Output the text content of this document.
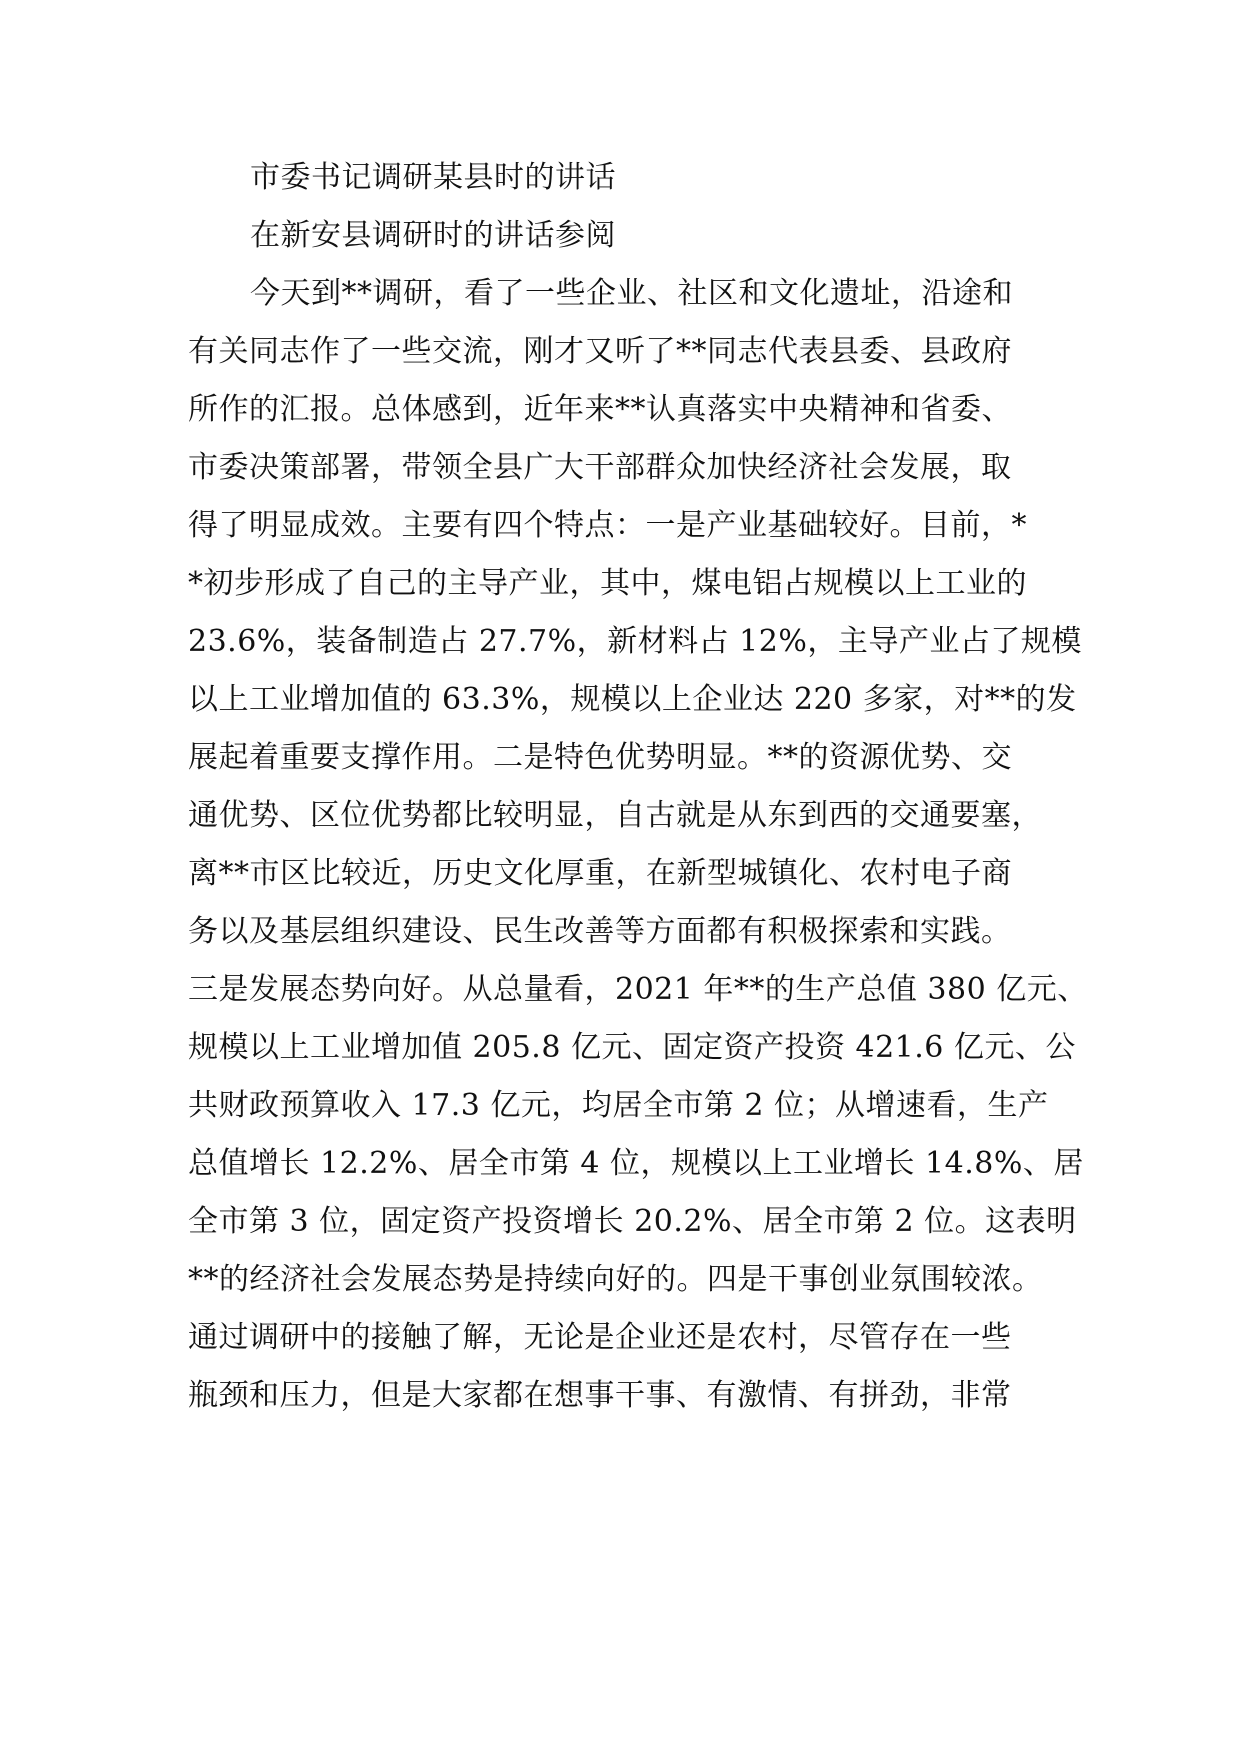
市委书记调研某县时的讲话
在新安县调研时的讲话参阅
今天到**调研，看了一些企业、社区和文化遗址，沿途和
有关同志作了一些交流，刚才又听了**同志代表县委、县政府
所作的汇报。总体感到，近年来**认真落实中央精神和省委、
市委决策部署，带领全县广大干部群众加快经济社会发展，取
得了明显成效。主要有四个特点：一是产业基础较好。目前，*
*初步形成了自己的主导产业，其中，煤电铝占规模以上工业的
23.6%，装备制造占 27.7%，新材料占 12%，主导产业占了规模
以上工业增加值的 63.3%，规模以上企业达 220 多家，对**的发
展起着重要支撑作用。二是特色优势明显。**的资源优势、交
通优势、区位优势都比较明显，自古就是从东到西的交通要塞，
离**市区比较近，历史文化厚重，在新型城镇化、农村电子商
务以及基层组织建设、民生改善等方面都有积极探索和实践。
三是发展态势向好。从总量看，2021 年**的生产总值 380 亿元、
规模以上工业增加值 205.8 亿元、固定资产投资 421.6 亿元、公
共财政预算收入 17.3 亿元，均居全市第 2 位；从增速看，生产
总值增长 12.2%、居全市第 4 位，规模以上工业增长 14.8%、居
全市第 3 位，固定资产投资增长 20.2%、居全市第 2 位。这表明
**的经济社会发展态势是持续向好的。四是干事创业氛围较浓。
通过调研中的接触了解，无论是企业还是农村，尽管存在一些
瓶颈和压力，但是大家都在想事干事、有激情、有拼劲，非常
